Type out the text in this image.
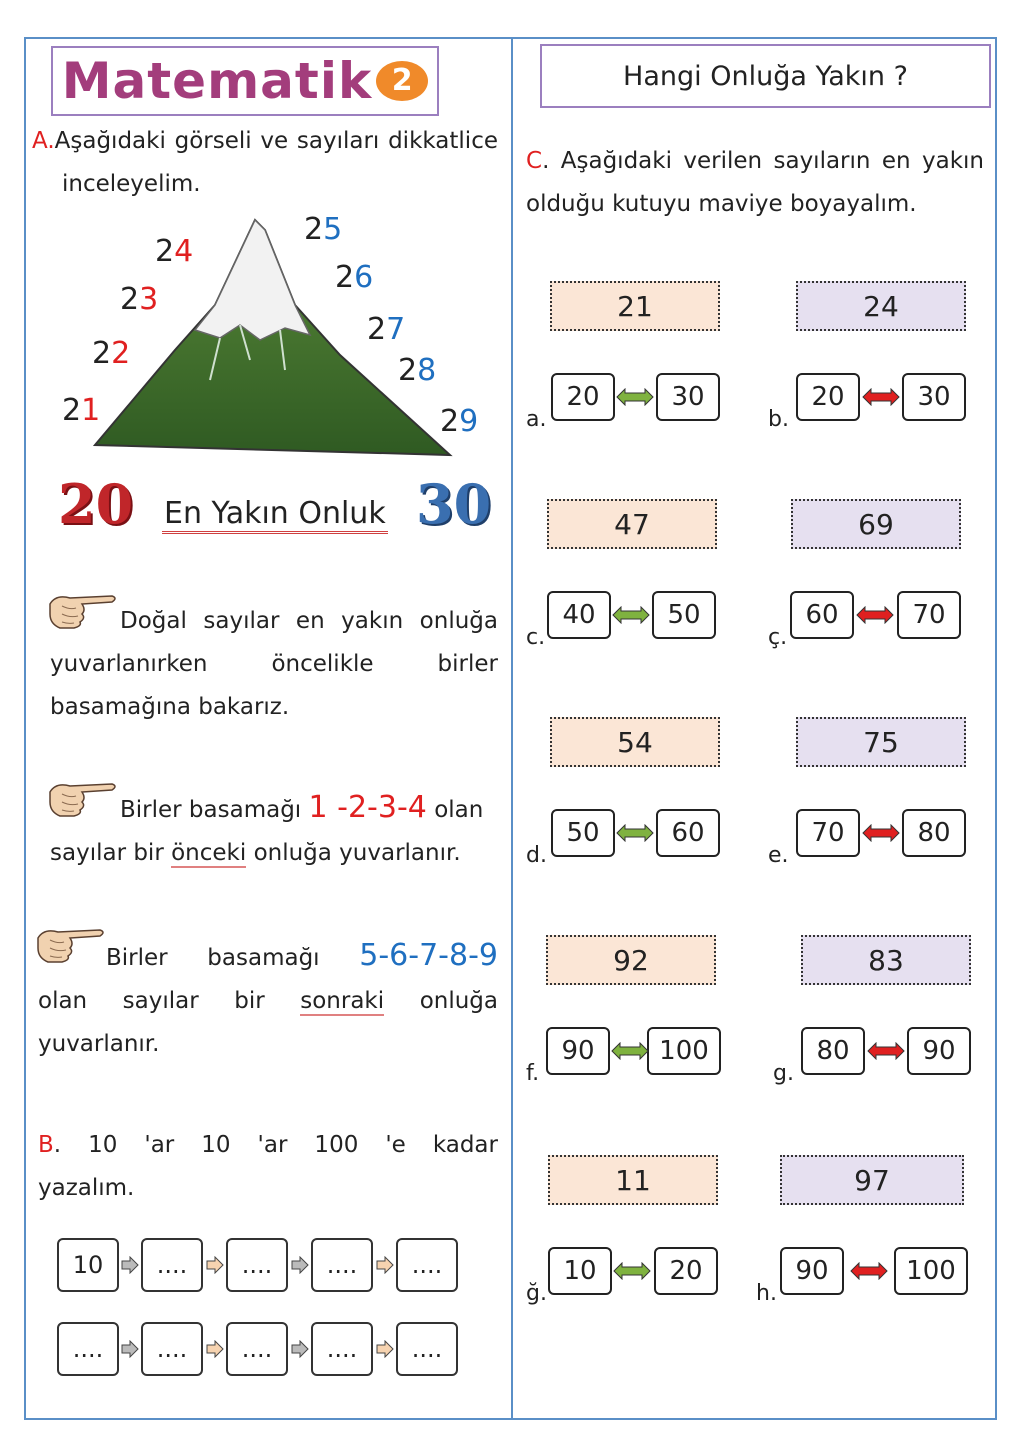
Matematik 2
A.Aşağıdaki görseli ve sayıları dikkatlice
inceleyelim.
21
22
23
24
25
26
27
28
29
20 En Yakın Onluk 30
Doğal sayılar en yakın onluğa
yuvarlanırken öncelikle birler
basamağına bakarız.
Birler basamağı 1 -2-3-4 olan
sayılar bir önceki onluğa yuvarlanır.
Birler basamağı 5-6-7-8-9
olan sayılar bir sonraki onluğa
yuvarlanır.
B. 10 'ar 10 'ar 100 'e kadar
yazalım.
10	....	....	....	....
....	....	....	....	....
Hangi Onluğa Yakın ?
C. Aşağıdaki verilen sayıların en yakın
olduğu kutuyu maviye boyayalım.
21
20	30
a.
24
20	30
b.
47
40	50
c.
69
60	70
ç.
54
50	60
d.
75
70	80
e.
92
90	100
f.
83
80	90
g.
11
10	20
ğ.
97
90	100
h.
